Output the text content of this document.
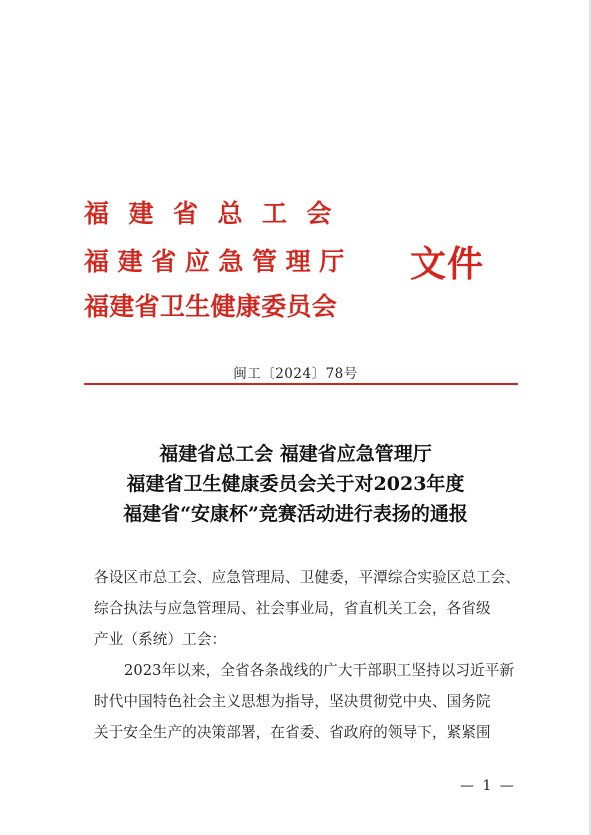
福建省总工会
福建省应急管理厅
福建省卫生健康委员会
文件
闽工〔2024〕78号
福建省总工会 福建省应急管理厅
福建省卫生健康委员会关于对2023年度
福建省“安康杯”竞赛活动进行表扬的通报
各设区市总工会、应急管理局、卫健委，平潭综合实验区总工会、
综合执法与应急管理局、社会事业局，省直机关工会，各省级
产业（系统）工会：
2023年以来，全省各条战线的广大干部职工坚持以习近平新
时代中国特色社会主义思想为指导，坚决贯彻党中央、国务院
关于安全生产的决策部署，在省委、省政府的领导下，紧紧围
— 1 —
